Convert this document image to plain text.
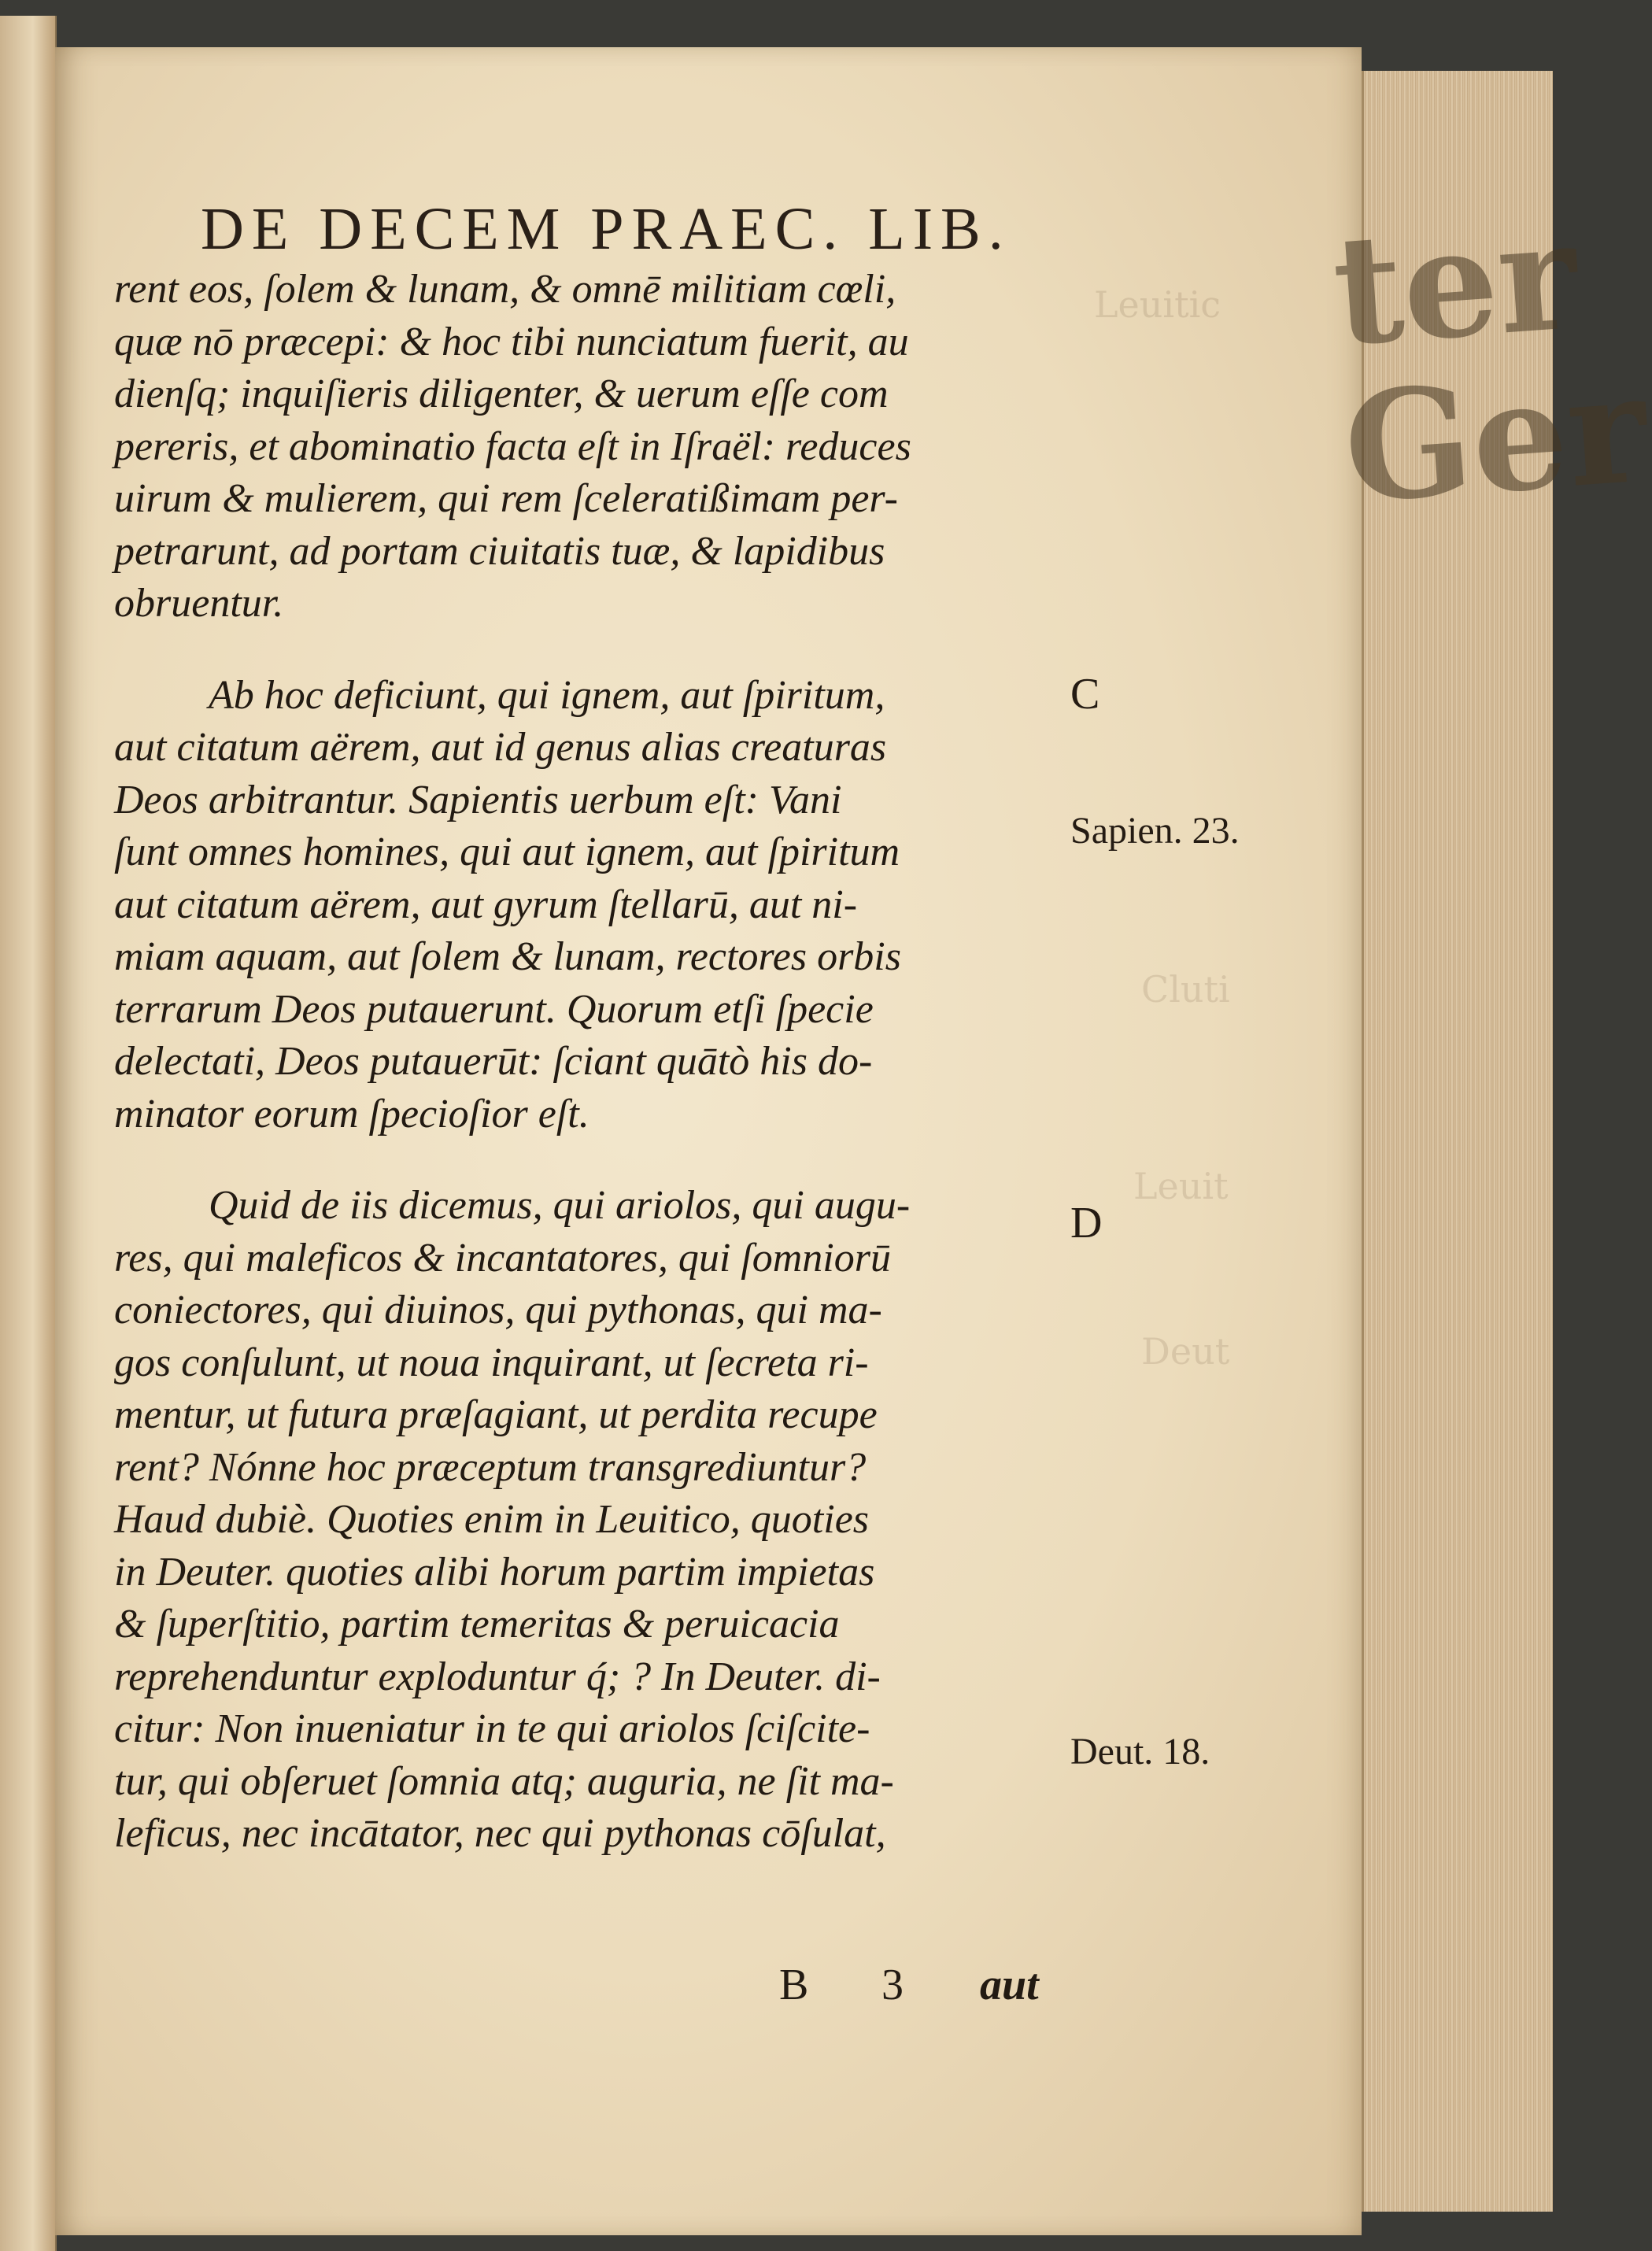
Leuitic
Cluti
Leuit
Deut
ter
Ger
DE DECEM PRAEC. LIB.
rent eos, ſolem & lunam, & omnē militiam cœli,
quæ nō præcepi: & hoc tibi nunciatum fuerit, au
dienſq; inquiſieris diligenter, & uerum eſſe com
pereris, et abominatio facta eſt in Iſraël: reduces
uirum & mulierem, qui rem ſceleratißimam per-
petrarunt, ad portam ciuitatis tuæ, & lapidibus
obruentur.
Ab hoc deficiunt, qui ignem, aut ſpiritum,
aut citatum aërem, aut id genus alias creaturas
Deos arbitrantur. Sapientis uerbum eſt: Vani
ſunt omnes homines, qui aut ignem, aut ſpiritum
aut citatum aërem, aut gyrum ſtellarū, aut ni-
miam aquam, aut ſolem & lunam, rectores orbis
terrarum Deos putauerunt. Quorum etſi ſpecie
delectati, Deos putauerūt: ſciant quātò his do-
minator eorum ſpecioſior eſt.
Quid de iis dicemus, qui ariolos, qui augu-
res, qui maleficos & incantatores, qui ſomniorū
coniectores, qui diuinos, qui pythonas, qui ma-
gos conſulunt, ut noua inquirant, ut ſecreta ri-
mentur, ut futura præſagiant, ut perdita recupe
rent? Nónne hoc præceptum transgrediuntur?
Haud dubiè. Quoties enim in Leuitico, quoties
in Deuter. quoties alibi horum partim impietas
& ſuperſtitio, partim temeritas & peruicacia
reprehenduntur exploduntur q́; ? In Deuter. di-
citur: Non inueniatur in te qui ariolos ſciſcite-
tur, qui obſeruet ſomnia atq; auguria, ne ſit ma-
leficus, nec incātator, nec qui pythonas cōſulat,
C
Sapien. 23.
D
Deut. 18.
B 3 aut
